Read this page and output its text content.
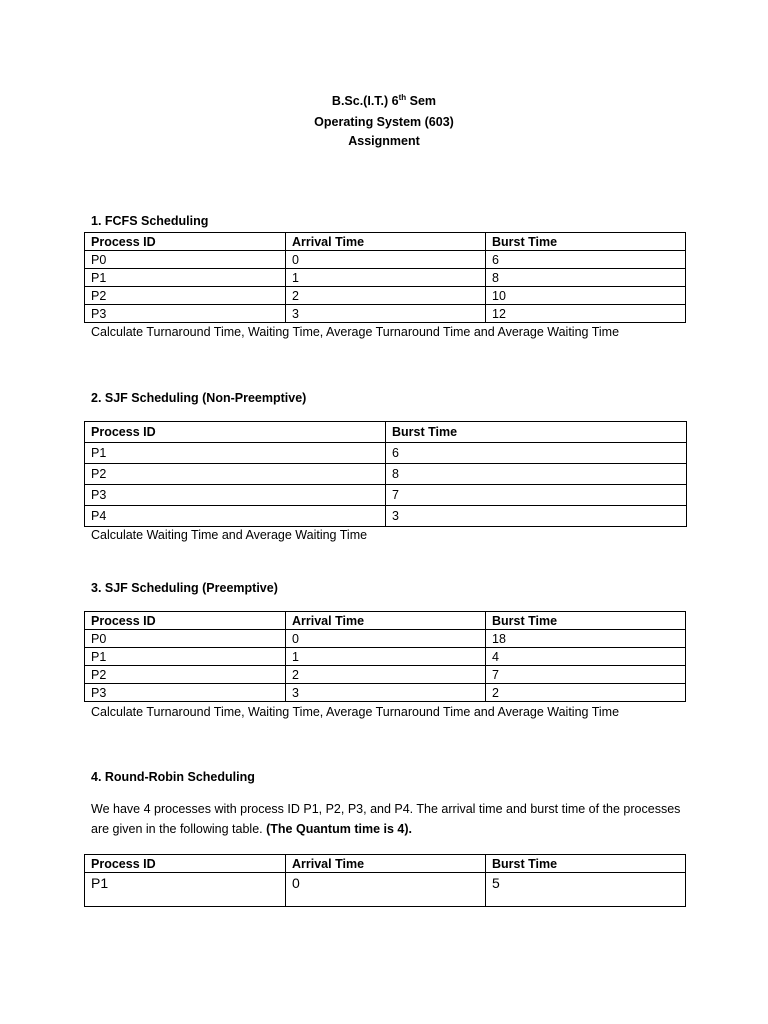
B.Sc.(I.T.) 6th Sem
Operating System (603)
Assignment
1. FCFS Scheduling
Process ID	Arrival Time	Burst Time
P0	0	6
P1	1	8
P2	2	10
P3	3	12
Calculate Turnaround Time, Waiting Time, Average Turnaround Time and Average Waiting Time
2. SJF Scheduling (Non-Preemptive)
Process ID	Burst Time
P1	6
P2	8
P3	7
P4	3
Calculate Waiting Time and Average Waiting Time
3. SJF Scheduling (Preemptive)
Process ID	Arrival Time	Burst Time
P0	0	18
P1	1	4
P2	2	7
P3	3	2
Calculate Turnaround Time, Waiting Time, Average Turnaround Time and Average Waiting Time
4. Round-Robin Scheduling
We have 4 processes with process ID P1, P2, P3, and P4. The arrival time and burst time of the processes are given in the following table. (The Quantum time is 4).
Process ID	Arrival Time	Burst Time
P1	0	5
